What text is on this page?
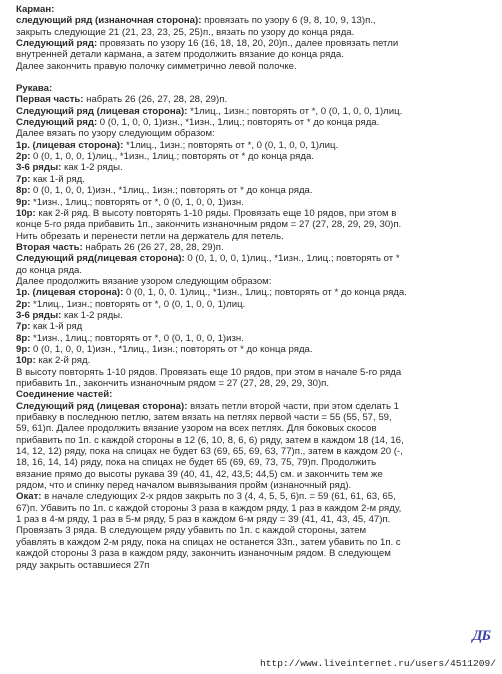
Карман:
следующий ряд (изнаночная сторона): провязать по узору 6 (9, 8, 10, 9, 13)п.,
закрыть следующие 21 (21, 23, 23, 25, 25)п., вязать по узору до конца ряда.
Следующий ряд: провязать по узору 16 (16, 18, 18, 20, 20)п., далее провязать петли
внутренней детали кармана, а затем продолжить вязание до конца ряда.
Далее закончить правую полочку симметрично левой полочке.
Рукава:
Первая часть: набрать 26 (26, 27, 28, 28, 29)п.
Следующий ряд (лицевая сторона): *1лиц., 1изн.; повторять от *, 0 (0, 1, 0, 0, 1)лиц.
Следующий ряд: 0 (0, 1, 0, 0, 1)изн., *1изн., 1лиц.; повторять от * до конца ряда.
Далее вязать по узору следующим образом:
1р. (лицевая сторона): *1лиц., 1изн.; повторять от *, 0 (0, 1, 0, 0, 1)лиц.
2р: 0 (0, 1, 0, 0, 1)лиц., *1изн., 1лиц.; повторять от * до конца ряда.
3-6 ряды: как 1-2 ряды.
7р: как 1-й ряд.
8р: 0 (0, 1, 0, 0, 1)изн., *1лиц., 1изн.; повторять от * до конца ряда.
9р: *1изн., 1лиц.; повторять от *, 0 (0, 1, 0, 0, 1)изн.
10р: как 2-й ряд. В высоту повторять 1-10 ряды. Провязать еще 10 рядов, при этом в
конце 5-го ряда прибавить 1п., закончить изнаночным рядом = 27 (27, 28, 29, 29, 30)п.
Нить обрезать и перенести петли на держатель для петель.
Вторая часть: набрать 26 (26 27, 28, 28, 29)п.
Следующий ряд(лицевая сторона): 0 (0, 1, 0, 0, 1)лиц., *1изн., 1лиц.; повторять от *
до конца ряда.
Далее продолжить вязание узором следующим образом:
1р. (лицевая сторона): 0 (0, 1, 0, 0. 1)лиц., *1изн., 1лиц.; повторять от * до конца ряда.
2р: *1лиц., 1изн.; повторять от *, 0 (0, 1, 0, 0, 1)лиц.
3-6 ряды: как 1-2 ряды.
7р: как 1-й ряд
8р: *1изн., 1лиц.; повторять от *, 0 (0, 1, 0, 0, 1)изн.
9р: 0 (0, 1, 0, 0, 1)изн., *1лиц., 1изн.; повторять от * до конца ряда.
10р: как 2-й ряд.
В высоту повторять 1-10 рядов. Провязать еще 10 рядов, при этом в начале 5-го ряда
прибавить 1п., закончить изнаночным рядом = 27 (27, 28, 29, 29, 30)п.
Соединение частей:
Следующий ряд (лицевая сторона): вязать петли второй части, при этом сделать 1
прибавку в последнюю петлю, затем вязать на петлях первой части = 55 (55, 57, 59,
59, 61)п. Далее продолжить вязание узором на всех петлях. Для боковых скосов
прибавить по 1п. с каждой стороны в 12 (6, 10, 8, 6, 6) ряду, затем в каждом 18 (14, 16,
14, 12, 12) ряду, пока на спицах не будет 63 (69, 65, 69, 63, 77)п., затем в каждом 20 (-,
18, 16, 14, 14) ряду, пока на спицах не будет 65 (69, 69, 73, 75, 79)п. Продолжить
вязание прямо до высоты рукава 39 (40, 41, 42, 43,5; 44,5) см. и закончить тем же
рядом, что и спинку перед началом вывязывания пройм (изнаночный ряд).
Окат: в начале следующих 2-х рядов закрыть по 3 (4, 4, 5, 5, 6)п. = 59 (61, 61, 63, 65,
67)п. Убавить по 1п. с каждой стороны 3 раза в каждом ряду, 1 раз в каждом 2-м ряду,
1 раз в 4-м ряду, 1 раз в 5-м ряду, 5 раз в каждом 6-м ряду = 39 (41, 41, 43, 45, 47)п.
Провязать 3 ряда. В следующем ряду убавить по 1п. с каждой стороны, затем
убавлять в каждом 2-м ряду, пока на спицах не останется 33п., затем убавить по 1п. с
каждой стороны 3 раза в каждом ряду, закончить изнаночным рядом. В следующем
ряду закрыть оставшиеся 27п
ДБ
http://www.liveinternet.ru/users/4511209/
